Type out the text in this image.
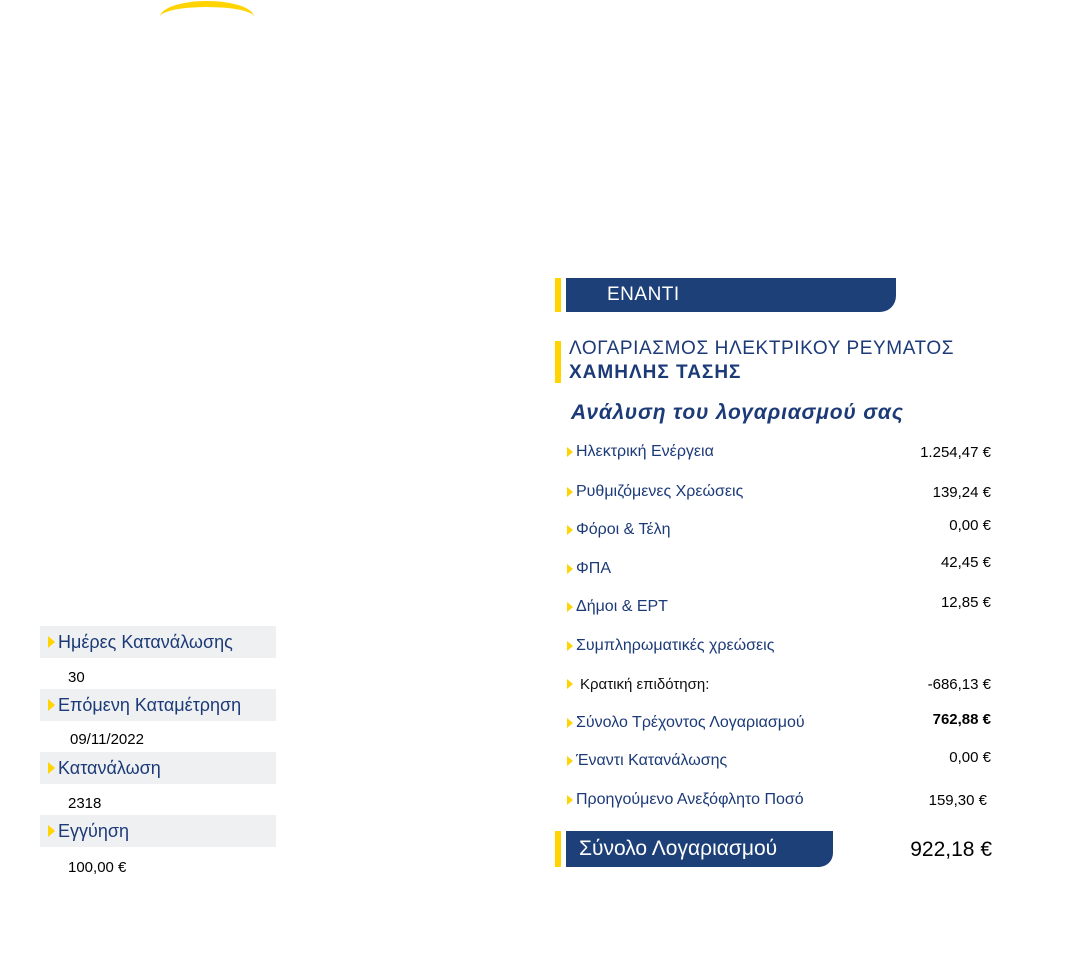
Ημέρες Κατανάλωσης
30
Επόμενη Καταμέτρηση
09/11/2022
Κατανάλωση
2318
Εγγύηση
100,00 €
ΕΝΑΝΤΙ
ΛΟΓΑΡΙΑΣΜΟΣ ΗΛΕΚΤΡΙΚΟΥ ΡΕΥΜΑΤΟΣ
ΧΑΜΗΛΗΣ ΤΑΣΗΣ
Ανάλυση του λογαριασμού σας
Ηλεκτρική Ενέργεια	1.254,47 €
Ρυθμιζόμενες Χρεώσεις	139,24 €
Φόροι & Τέλη	0,00 €
ΦΠΑ	42,45 €
Δήμοι & ΕΡΤ	12,85 €
Συμπληρωματικές χρεώσεις
Κρατική επιδότηση:	-686,13 €
Σύνολο Τρέχοντος Λογαριασμού	762,88 €
Έναντι Κατανάλωσης	0,00 €
Προηγούμενο Ανεξόφλητο Ποσό	159,30 €
Σύνολο Λογαριασμού	922,18 €
